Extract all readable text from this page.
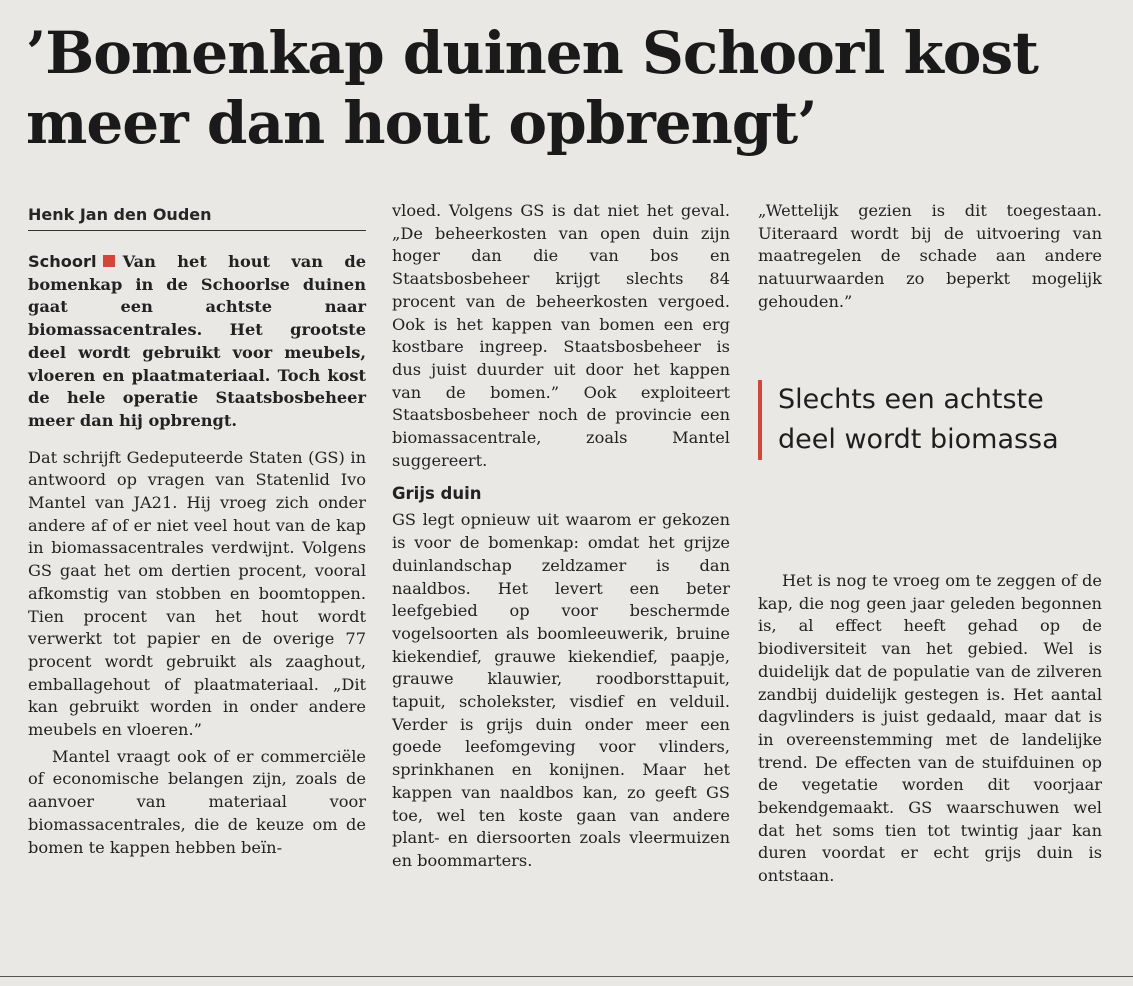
’Bomenkap duinen Schoorl kost meer dan hout opbrengt’
Henk Jan den Ouden

Schoorl Van het hout van de bomenkap in de Schoorlse duinen gaat een achtste naar biomassacentrales. Het grootste deel wordt gebruikt voor meubels, vloeren en plaatmateriaal. Toch kost de hele operatie Staatsbosbeheer meer dan hij opbrengt.

Dat schrijft Gedeputeerde Staten (GS) in antwoord op vragen van Statenlid Ivo Mantel van JA21. Hij vroeg zich onder andere af of er niet veel hout van de kap in biomassacentrales verdwijnt. Volgens GS gaat het om dertien procent, vooral afkomstig van stobben en boomtoppen. Tien procent van het hout wordt verwerkt tot papier en de overige 77 procent wordt gebruikt als zaaghout, emballagehout of plaatmateriaal. „Dit kan gebruikt worden in onder andere meubels en vloeren.”

Mantel vraagt ook of er commerciële of economische belangen zijn, zoals de aanvoer van materiaal voor biomassacentrales, die de keuze om de bomen te kappen hebben beïn-

vloed. Volgens GS is dat niet het geval. „De beheerkosten van open duin zijn hoger dan die van bos en Staatsbosbeheer krijgt slechts 84 procent van de beheerkosten vergoed. Ook is het kappen van bomen een erg kostbare ingreep. Staatsbosbeheer is dus juist duurder uit door het kappen van de bomen.” Ook exploiteert Staatsbosbeheer noch de provincie een biomassacentrale, zoals Mantel suggereert.

Grijs duin

GS legt opnieuw uit waarom er gekozen is voor de bomenkap: omdat het grijze duinlandschap zeldzamer is dan naaldbos. Het levert een beter leefgebied op voor beschermde vogelsoorten als boomleeuwerik, bruine kiekendief, grauwe kiekendief, paapje, grauwe klauwier, roodborsttapuit, tapuit, scholekster, visdief en velduil. Verder is grijs duin onder meer een goede leefomgeving voor vlinders, sprinkhanen en konijnen. Maar het kappen van naaldbos kan, zo geeft GS toe, wel ten koste gaan van andere plant- en diersoorten zoals vleermuizen en boommarters.

„Wettelijk gezien is dit toegestaan. Uiteraard wordt bij de uitvoering van maatregelen de schade aan andere natuurwaarden zo beperkt mogelijk gehouden.”

Slechts een achtste deel wordt biomassa

Het is nog te vroeg om te zeggen of de kap, die nog geen jaar geleden begonnen is, al effect heeft gehad op de biodiversiteit van het gebied. Wel is duidelijk dat de populatie van de zilveren zandbij duidelijk gestegen is. Het aantal dagvlinders is juist gedaald, maar dat is in overeenstemming met de landelijke trend. De effecten van de stuifduinen op de vegetatie worden dit voorjaar bekendgemaakt. GS waarschuwen wel dat het soms tien tot twintig jaar kan duren voordat er echt grijs duin is ontstaan.
